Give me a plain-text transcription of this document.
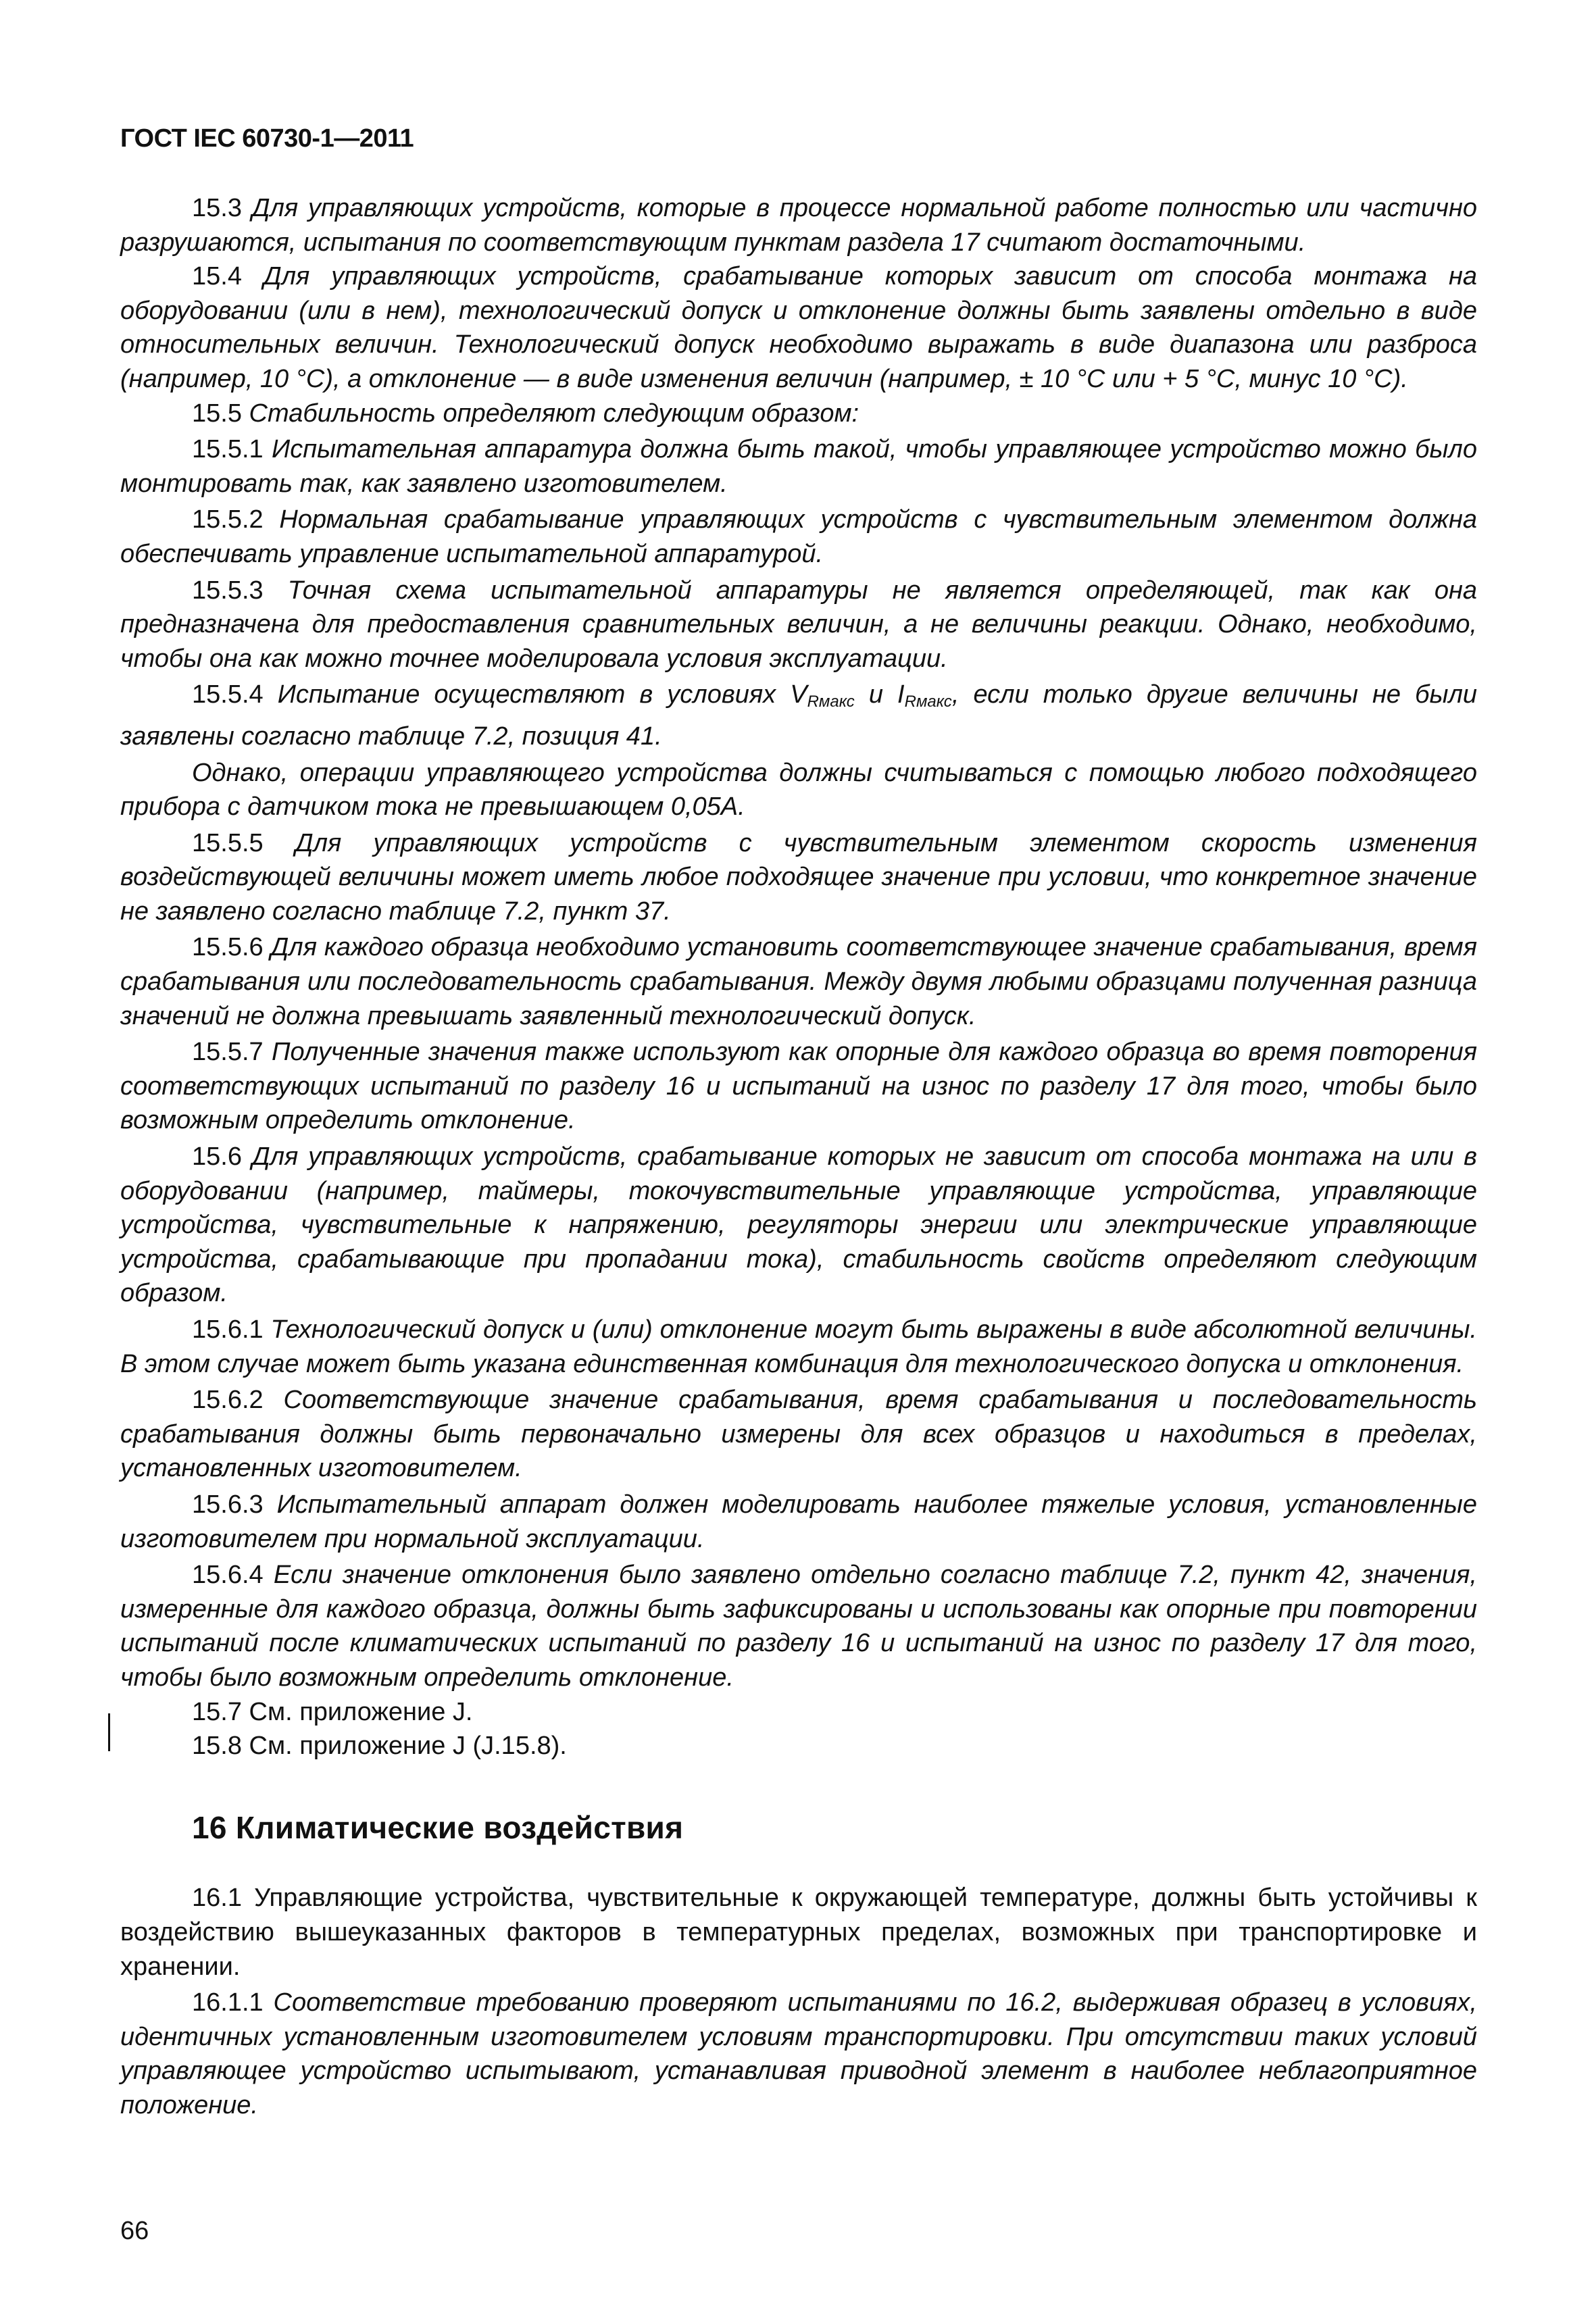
ГОСТ IEC 60730-1—2011

15.3 Для управляющих устройств, которые в процессе нормальной работе полностью или частично разрушаются, испытания по соответствующим пунктам раздела 17 считают достаточными.

15.4 Для управляющих устройств, срабатывание которых зависит от способа монтажа на оборудовании (или в нем), технологический допуск и отклонение должны быть заявлены отдельно в виде относительных величин. Технологический допуск необходимо выражать в виде диапазона или разброса (например, 10 °С), а отклонение — в виде изменения величин (например, ± 10 °С или + 5 °С, минус 10 °С).

15.5 Стабильность определяют следующим образом:

15.5.1 Испытательная аппаратура должна быть такой, чтобы управляющее устройство можно было монтировать так, как заявлено изготовителем.

15.5.2 Нормальная срабатывание управляющих устройств с чувствительным элементом должна обеспечивать управление испытательной аппаратурой.

15.5.3 Точная схема испытательной аппаратуры не является определяющей, так как она предназначена для предоставления сравнительных величин, а не величины реакции. Однако, необходимо, чтобы она как можно точнее моделировала условия эксплуатации.

15.5.4 Испытание осуществляют в условиях $V_{Rмакс}$ и $I_{Rмакс}$, если только другие величины не были заявлены согласно таблице 7.2, позиция 41.

Однако, операции управляющего устройства должны считываться с помощью любого подходящего прибора с датчиком тока не превышающем 0,05А.

15.5.5 Для управляющих устройств с чувствительным элементом скорость изменения воздействующей величины может иметь любое подходящее значение при условии, что конкретное значение не заявлено согласно таблице 7.2, пункт 37.

15.5.6 Для каждого образца необходимо установить соответствующее значение срабатывания, время срабатывания или последовательность срабатывания. Между двумя любыми образцами полученная разница значений не должна превышать заявленный технологический допуск.

15.5.7 Полученные значения также используют как опорные для каждого образца во время повторения соответствующих испытаний по разделу 16 и испытаний на износ по разделу 17 для того, чтобы было возможным определить отклонение.

15.6 Для управляющих устройств, срабатывание которых не зависит от способа монтажа на или в оборудовании (например, таймеры, токочувствительные управляющие устройства, управляющие устройства, чувствительные к напряжению, регуляторы энергии или электрические управляющие устройства, срабатывающие при пропадании тока), стабильность свойств определяют следующим образом.

15.6.1 Технологический допуск и (или) отклонение могут быть выражены в виде абсолютной величины. В этом случае может быть указана единственная комбинация для технологического допуска и отклонения.

15.6.2 Соответствующие значение срабатывания, время срабатывания и последовательность срабатывания должны быть первоначально измерены для всех образцов и находиться в пределах, установленных изготовителем.

15.6.3 Испытательный аппарат должен моделировать наиболее тяжелые условия, установленные изготовителем при нормальной эксплуатации.

15.6.4 Если значение отклонения было заявлено отдельно согласно таблице 7.2, пункт 42, значения, измеренные для каждого образца, должны быть зафиксированы и использованы как опорные при повторении испытаний после климатических испытаний по разделу 16 и испытаний на износ по разделу 17 для того, чтобы было возможным определить отклонение.

15.7 См. приложение J.

15.8 См. приложение J (J.15.8).

16 Климатические воздействия

16.1 Управляющие устройства, чувствительные к окружающей температуре, должны быть устойчивы к воздействию вышеуказанных факторов в температурных пределах, возможных при транспортировке и хранении.

16.1.1 Соответствие требованию проверяют испытаниями по 16.2, выдерживая образец в условиях, идентичных установленным изготовителем условиям транспортировки. При отсутствии таких условий управляющее устройство испытывают, устанавливая приводной элемент в наиболее неблагоприятное положение.

66
